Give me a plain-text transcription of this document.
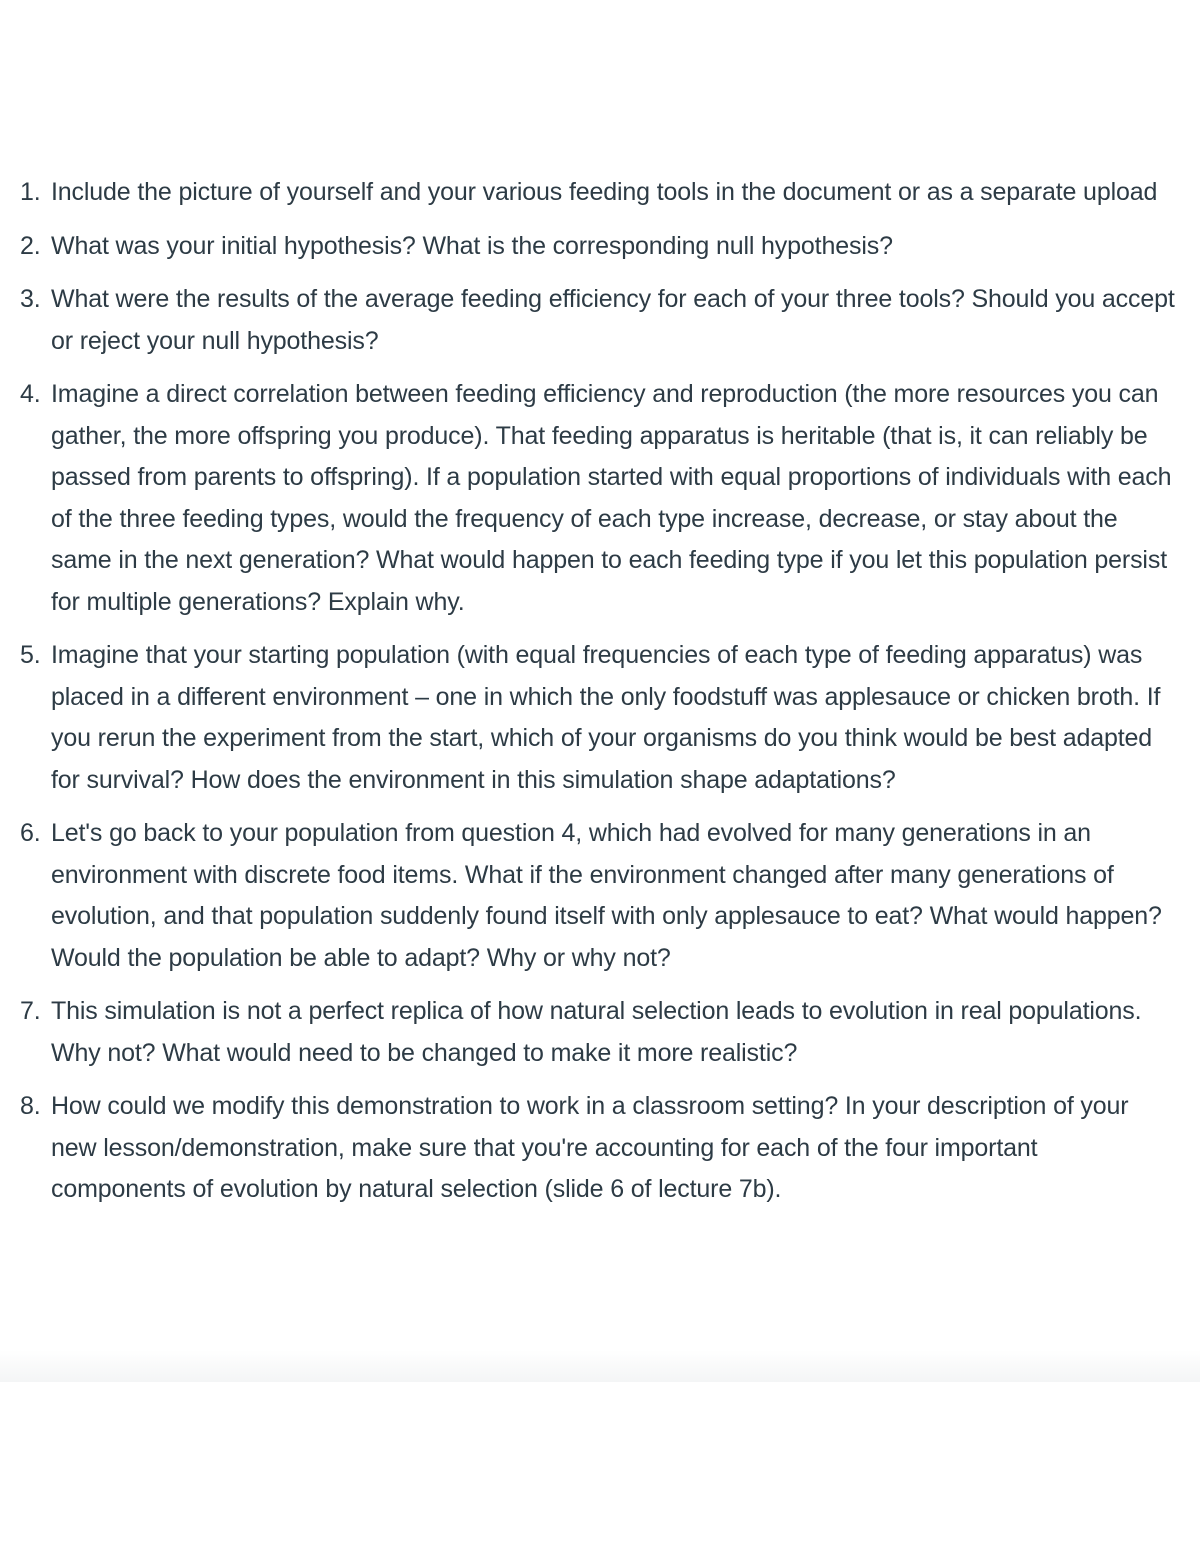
1. Include the picture of yourself and your various feeding tools in the document or as a separate upload
2. What was your initial hypothesis? What is the corresponding null hypothesis?
3. What were the results of the average feeding efficiency for each of your three tools? Should you accept or reject your null hypothesis?
4. Imagine a direct correlation between feeding efficiency and reproduction (the more resources you can gather, the more offspring you produce). That feeding apparatus is heritable (that is, it can reliably be passed from parents to offspring). If a population started with equal proportions of individuals with each of the three feeding types, would the frequency of each type increase, decrease, or stay about the same in the next generation? What would happen to each feeding type if you let this population persist for multiple generations? Explain why.
5. Imagine that your starting population (with equal frequencies of each type of feeding apparatus) was placed in a different environment – one in which the only foodstuff was applesauce or chicken broth. If you rerun the experiment from the start, which of your organisms do you think would be best adapted for survival? How does the environment in this simulation shape adaptations?
6. Let's go back to your population from question 4, which had evolved for many generations in an environment with discrete food items. What if the environment changed after many generations of evolution, and that population suddenly found itself with only applesauce to eat? What would happen? Would the population be able to adapt? Why or why not?
7. This simulation is not a perfect replica of how natural selection leads to evolution in real populations. Why not? What would need to be changed to make it more realistic?
8. How could we modify this demonstration to work in a classroom setting? In your description of your new lesson/demonstration, make sure that you're accounting for each of the four important components of evolution by natural selection (slide 6 of lecture 7b).
